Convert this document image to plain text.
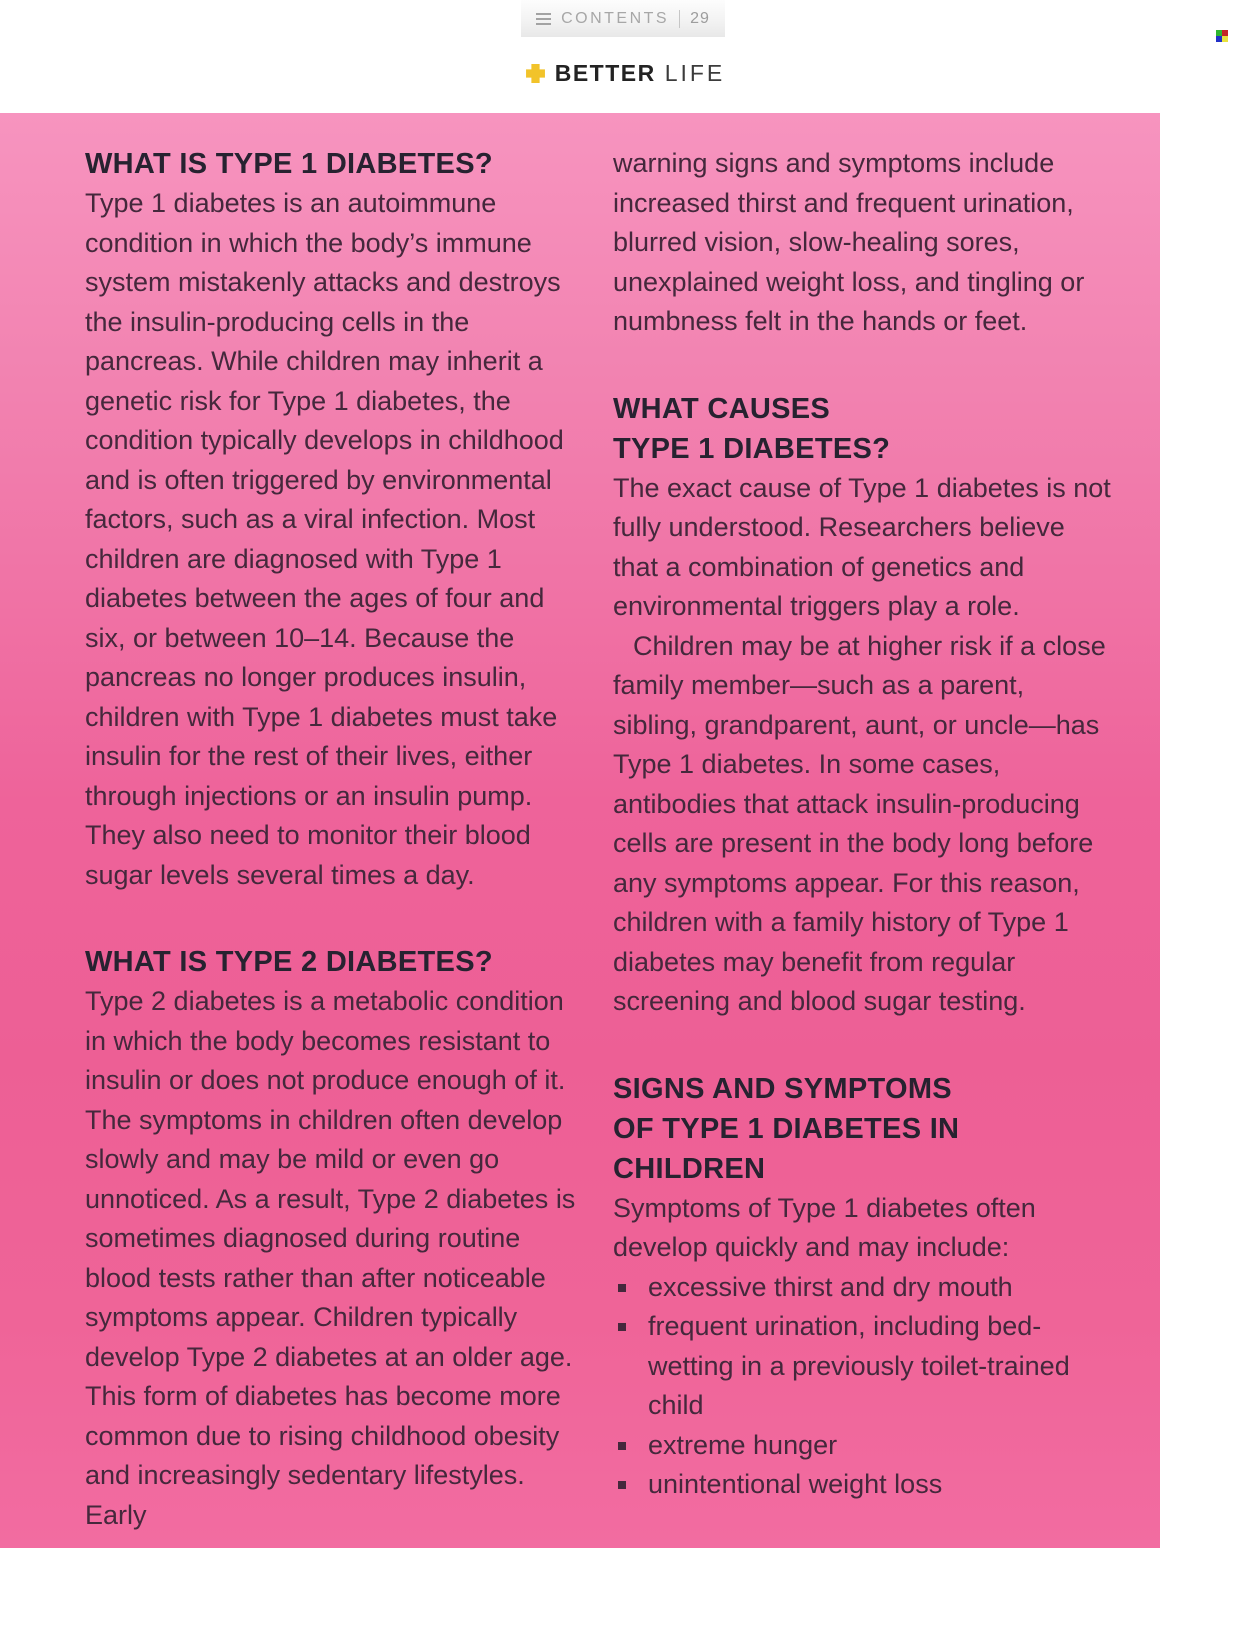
CONTENTS 29
BETTER LIFE
WHAT IS TYPE 1 DIABETES?

Type 1 diabetes is an autoimmune condition in which the body’s immune system mistakenly attacks and destroys the insulin-producing cells in the pancreas. While children may inherit a genetic risk for Type 1 diabetes, the condition typically develops in childhood and is often triggered by environmental factors, such as a viral infection. Most children are diagnosed with Type 1 diabetes between the ages of four and six, or between 10–14. Because the pancreas no longer produces insulin, children with Type 1 diabetes must take insulin for the rest of their lives, either through injections or an insulin pump. They also need to monitor their blood sugar levels several times a day.

WHAT IS TYPE 2 DIABETES?

Type 2 diabetes is a metabolic condition in which the body becomes resistant to insulin or does not produce enough of it. The symptoms in children often develop slowly and may be mild or even go unnoticed. As a result, Type 2 diabetes is sometimes diagnosed during routine blood tests rather than after noticeable symptoms appear. Children typically develop Type 2 diabetes at an older age. This form of diabetes has become more common due to rising childhood obesity and increasingly sedentary lifestyles. Early

warning signs and symptoms include increased thirst and frequent urination, blurred vision, slow-healing sores, unexplained weight loss, and tingling or numbness felt in the hands or feet.

WHAT CAUSES
TYPE 1 DIABETES?

The exact cause of Type 1 diabetes is not fully understood. Researchers believe that a combination of genetics and environmental triggers play a role.

Children may be at higher risk if a close family member—such as a parent, sibling, grandparent, aunt, or uncle—has Type 1 diabetes. In some cases, antibodies that attack insulin-producing cells are present in the body long before any symptoms appear. For this reason, children with a family history of Type 1 diabetes may benefit from regular screening and blood sugar testing.

SIGNS AND SYMPTOMS
OF TYPE 1 DIABETES IN
CHILDREN

Symptoms of Type 1 diabetes often develop quickly and may include:

excessive thirst and dry mouth
frequent urination, including bed-wetting in a previously toilet-trained child
extreme hunger
unintentional weight loss
